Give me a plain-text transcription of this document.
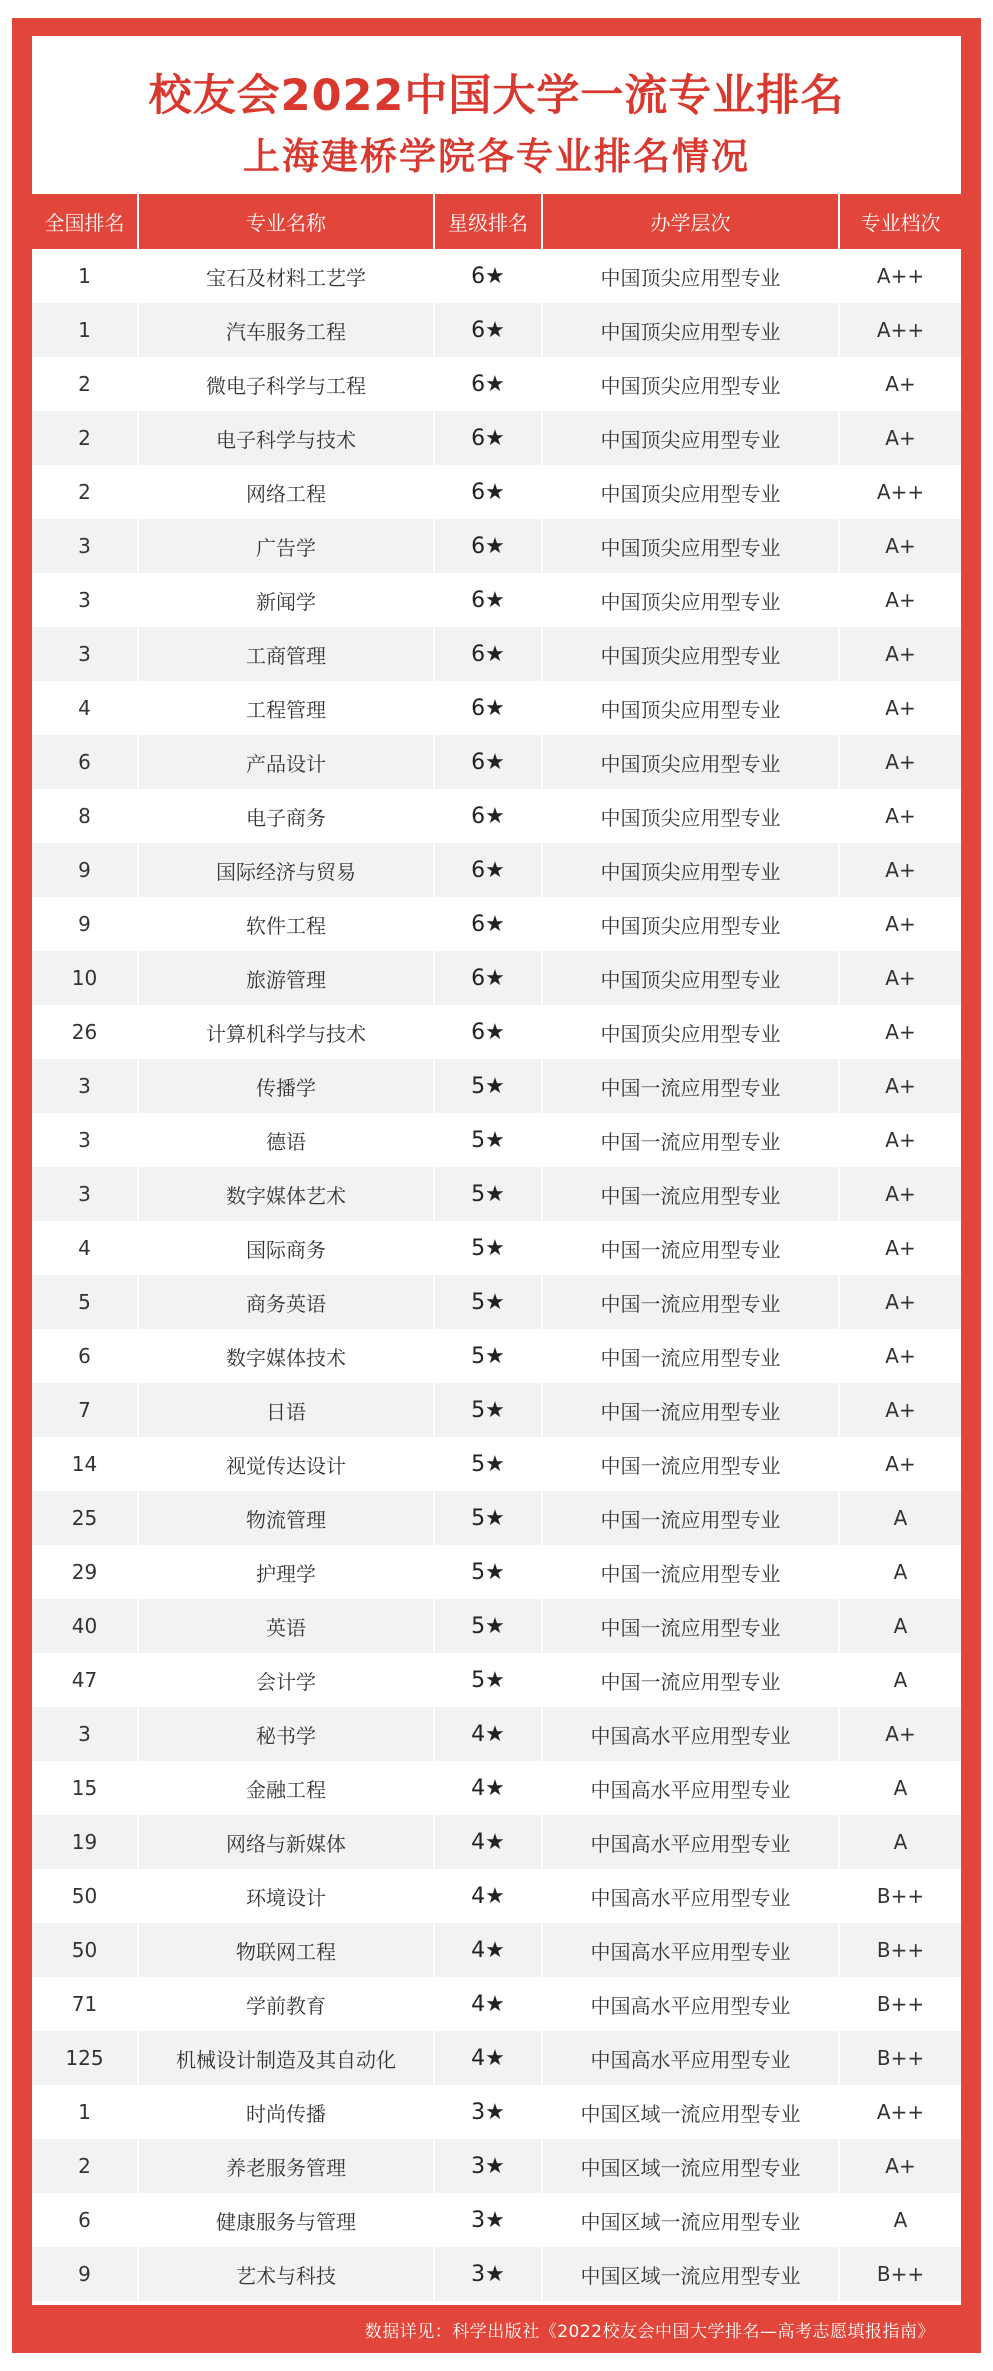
校友会2022中国大学一流专业排名
上海建桥学院各专业排名情况
全国排名	专业名称	星级排名	办学层次	专业档次
1	宝石及材料工艺学	6★	中国顶尖应用型专业	A++
1	汽车服务工程	6★	中国顶尖应用型专业	A++
2	微电子科学与工程	6★	中国顶尖应用型专业	A+
2	电子科学与技术	6★	中国顶尖应用型专业	A+
2	网络工程	6★	中国顶尖应用型专业	A++
3	广告学	6★	中国顶尖应用型专业	A+
3	新闻学	6★	中国顶尖应用型专业	A+
3	工商管理	6★	中国顶尖应用型专业	A+
4	工程管理	6★	中国顶尖应用型专业	A+
6	产品设计	6★	中国顶尖应用型专业	A+
8	电子商务	6★	中国顶尖应用型专业	A+
9	国际经济与贸易	6★	中国顶尖应用型专业	A+
9	软件工程	6★	中国顶尖应用型专业	A+
10	旅游管理	6★	中国顶尖应用型专业	A+
26	计算机科学与技术	6★	中国顶尖应用型专业	A+
3	传播学	5★	中国一流应用型专业	A+
3	德语	5★	中国一流应用型专业	A+
3	数字媒体艺术	5★	中国一流应用型专业	A+
4	国际商务	5★	中国一流应用型专业	A+
5	商务英语	5★	中国一流应用型专业	A+
6	数字媒体技术	5★	中国一流应用型专业	A+
7	日语	5★	中国一流应用型专业	A+
14	视觉传达设计	5★	中国一流应用型专业	A+
25	物流管理	5★	中国一流应用型专业	A
29	护理学	5★	中国一流应用型专业	A
40	英语	5★	中国一流应用型专业	A
47	会计学	5★	中国一流应用型专业	A
3	秘书学	4★	中国高水平应用型专业	A+
15	金融工程	4★	中国高水平应用型专业	A
19	网络与新媒体	4★	中国高水平应用型专业	A
50	环境设计	4★	中国高水平应用型专业	B++
50	物联网工程	4★	中国高水平应用型专业	B++
71	学前教育	4★	中国高水平应用型专业	B++
125	机械设计制造及其自动化	4★	中国高水平应用型专业	B++
1	时尚传播	3★	中国区域一流应用型专业	A++
2	养老服务管理	3★	中国区域一流应用型专业	A+
6	健康服务与管理	3★	中国区域一流应用型专业	A
9	艺术与科技	3★	中国区域一流应用型专业	B++
数据详见：科学出版社《2022校友会中国大学排名—高考志愿填报指南》
